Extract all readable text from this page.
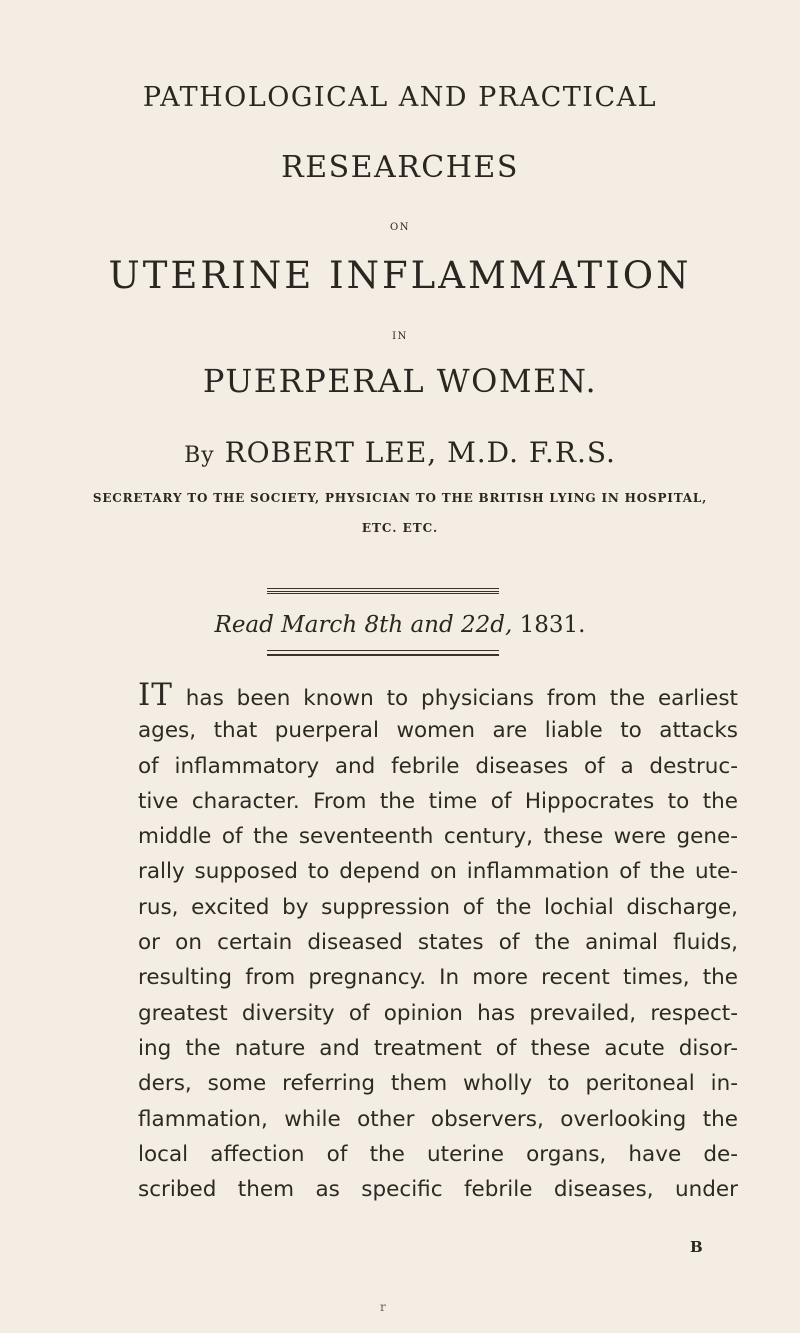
PATHOLOGICAL AND PRACTICAL
RESEARCHES
ON
UTERINE INFLAMMATION
IN
PUERPERAL WOMEN.
By ROBERT LEE, M.D. F.R.S.
SECRETARY TO THE SOCIETY, PHYSICIAN TO THE BRITISH LYING IN HOSPITAL,
ETC. ETC.
Read March 8th and 22d, 1831.
IT has been known to physicians from the earliest
ages, that puerperal women are liable to attacks
of inflammatory and febrile diseases of a destruc-
tive character. From the time of Hippocrates to the
middle of the seventeenth century, these were gene-
rally supposed to depend on inflammation of the ute-
rus, excited by suppression of the lochial discharge,
or on certain diseased states of the animal fluids,
resulting from pregnancy. In more recent times, the
greatest diversity of opinion has prevailed, respect-
ing the nature and treatment of these acute disor-
ders, some referring them wholly to peritoneal in-
flammation, while other observers, overlooking the
local affection of the uterine organs, have de-
scribed them as specific febrile diseases, under
B
r
